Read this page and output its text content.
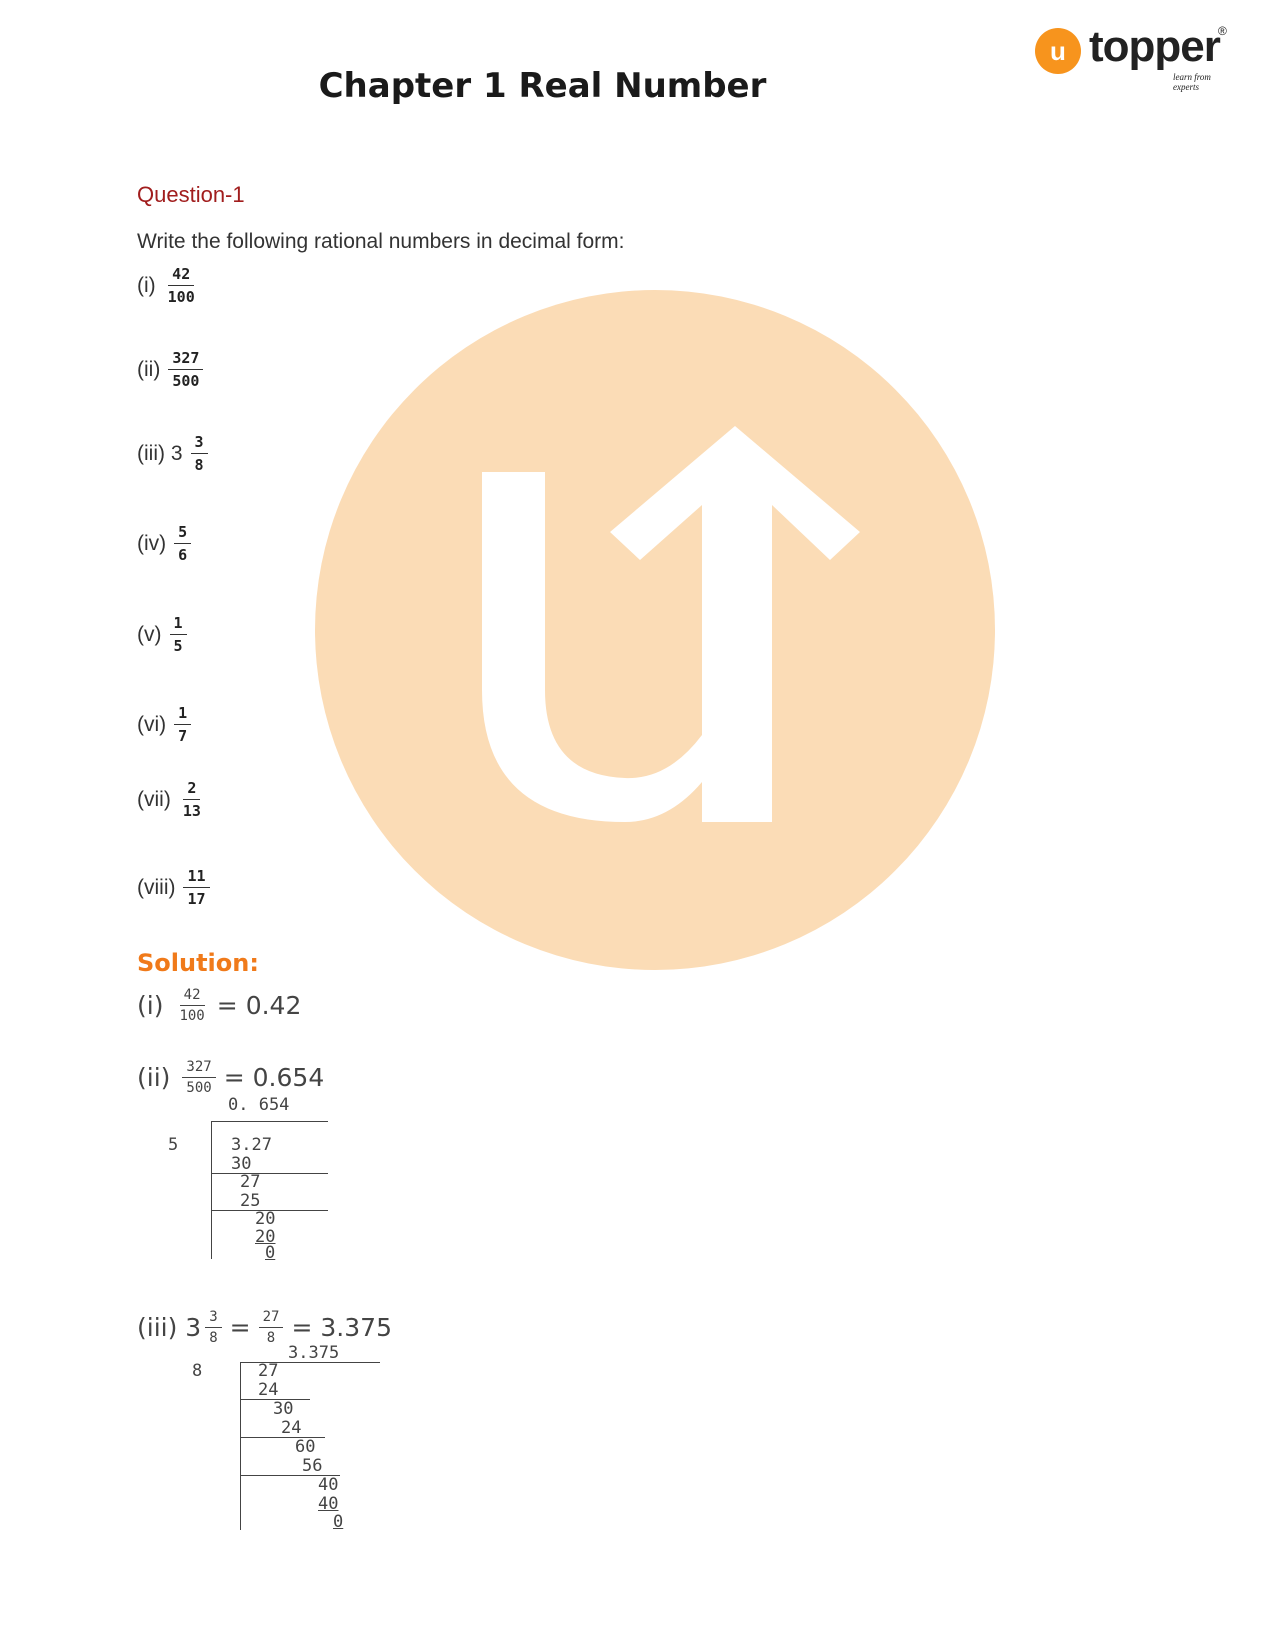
u topper
®
learn from experts
Chapter 1 Real Number
Question-1
Write the following rational numbers in decimal form:
$(i) \frac{42}{100}$
$(ii) \frac{327}{500}$
(iii) $3 \frac{3}{8}$
$(iv) \frac{5}{6}$
$(v) \frac{1}{5}$
$(vi) \frac{1}{7}$
$(vii) \frac{2}{13}$
(viii) $\frac{11}{17}$
Solution:
$(i) \frac{42}{100} = 0.42$
$(ii) \frac{327}{500} = 0.654$
0. 654
5	3.27
30
27
25
20
20
0
(iii) $3 \frac{3}{8} = \frac{27}{8} = 3.375$
3.375
8	27
24
30
24
60
56
40
40
0
